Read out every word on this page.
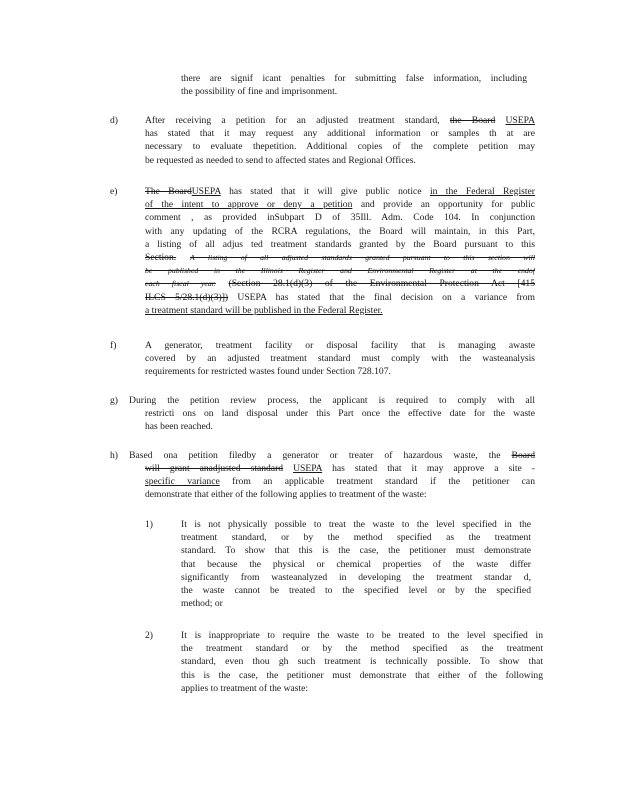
there are signif icant penalties for submitting false information, including
the possibility of fine and imprisonment.
d)	After receiving a petition for an adjusted treatment standard, the Board USEPA
has stated that it may request any additional information or samples th at are
necessary to evaluate thepetition. Additional copies of the complete petition may
be requested as needed to send to affected states and Regional Offices.
e)	The BoardUSEPA has stated that it will give public notice in the Federal Register
of the intent to approve or deny a petition and provide an opportunity for public
comment , as provided inSubpart D of 35Ill. Adm. Code 104. In conjunction
with any updating of the RCRA regulations, the Board will maintain, in this Part,
a listing of all adjus ted treatment standards granted by the Board pursuant to this
Section. A listing of all adjusted standards granted pursuant to this section will
be published in the Illinois Register and Environmental Register at the endof
each fiscal year. (Section 28.1(d)(3) of the Environmental Protection Act [415
ILCS 5/28.1(d)(3)]) USEPA has stated that the final decision on a variance from
a treatment standard will be published in the Federal Register.
f)	A generator, treatment facility or disposal facility that is managing awaste
covered by an adjusted treatment standard must comply with the wasteanalysis
requirements for restricted wastes found under Section 728.107.
g) During the petition review process, the applicant is required to comply with all
restricti ons on land disposal under this Part once the effective date for the waste
has been reached.
h) Based ona petition filedby a generator or treater of hazardous waste, the Board
will grant anadjusted standard USEPA has stated that it may approve a site -
specific variance from an applicable treatment standard if the petitioner can
demonstrate that either of the following applies to treatment of the waste:
1)	It is not physically possible to treat the waste to the level specified in the
treatment standard, or by the method specified as the treatment
standard. To show that this is the case, the petitioner must demonstrate
that because the physical or chemical properties of the waste differ
significantly from wasteanalyzed in developing the treatment standar d,
the waste cannot be treated to the specified level or by the specified
method; or
2)	It is inappropriate to require the waste to be treated to the level specified in
the treatment standard or by the method specified as the treatment
standard, even thou gh such treatment is technically possible. To show that
this is the case, the petitioner must demonstrate that either of the following
applies to treatment of the waste:
